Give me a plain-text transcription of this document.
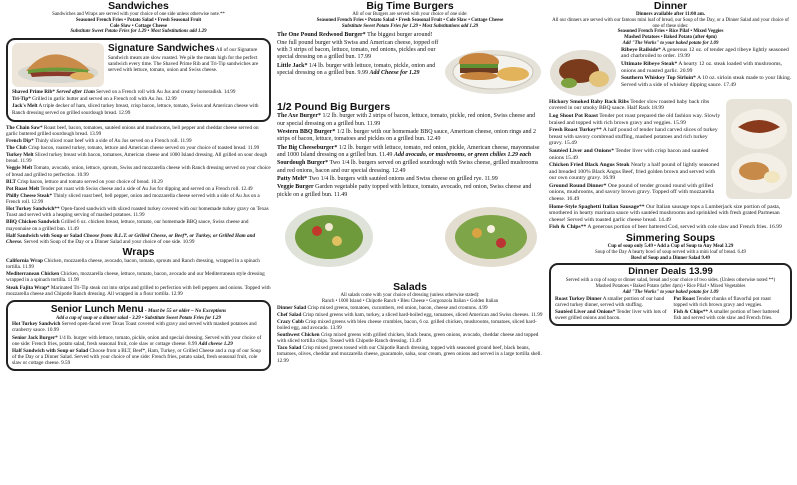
Sandwiches
Sandwiches and Wraps are served with your choice of one side unless otherwise note.**
Seasoned French Fries • Potato Salad • Fresh Seasonal Fruit
Cole Slaw • Cottage Cheese
Substitute Sweet Potato Fries for 1.29 • Most Substitutions add 1.29
Signature Sandwiches All of our Signature Sandwich meats are slow roasted. We pile the meats high for the perfect sandwich every time. The Shaved Prime Rib and Tri-Tip sandwiches are served with lettuce, tomato, onion and Swiss cheese.
Shaved Prime Rib* Served after 11am Served on a French roll with Au Jus and creamy horseradish. 14.99
Tri-Tip* Grilled in garlic butter and served on a French roll with Au Jus. 12.99
Jack's Melt A triple decker of ham, sliced turkey breast, crisp bacon, lettuce, tomato, Swiss and American cheese with Ranch dressing served on grilled sourdough bread. 12.99
The Chain Saw* Roast beef, bacon, tomatoes, sautéed onions and mushrooms, bell pepper and cheddar cheese served on garlic buttered grilled sourdough bread. 13.99
French Dip* Thinly sliced roast beef with a side of Au Jus served on a French roll. 11.99
The Club Crisp bacon, roasted turkey, tomato, lettuce and American cheese served on your choice of toasted bread. 11.99
Turkey Melt Sliced turkey breast with bacon, tomatoes, American cheese and 1000 Island dressing. All grilled on sour dough bread. 11.99
Veggie Melt Tomato, avocado, onion, lettuce, sprouts, Swiss and mozzarella cheese with Ranch dressing served on your choice of bread and grilled to perfection. 10.99
BLT Crisp bacon, lettuce and tomato served on your choice of bread. 10.29
Pot Roast Melt Tender pot roast with Swiss cheese and a side of Au Jus for dipping and served on a French roll. 12.49
Philly Cheese Steak* Thinly sliced roast beef, bell pepper, onion and mozzarella cheese served with a side of Au Jus on a French roll. 12.99
Hot Turkey Sandwich** Open-faced sandwich with sliced roasted turkey covered with our homemade turkey gravy on Texas Toast and served with a heaping serving of mashed potatoes. 11.99
BBQ Chicken Sandwich Grilled 6 oz. chicken breast, lettuce, tomato, our homemade BBQ sauce, Swiss cheese and mayonnaise on a grilled bun. 11.49
Half Sandwich with Soup or Salad Choose from: B.L.T. or Grilled Cheese, or Beef*, or Turkey, or Grilled Ham and Cheese. Served with Soup of the Day or a Dinner Salad and your choice of one side. 10.99
Wraps
California Wrap Chicken, mozzarella cheese, avocado, bacon, tomato, sprouts and Ranch dressing, wrapped in a spinach tortilla. 11.99
Mediterranean Chicken Chicken, mozzarella cheese, lettuce, tomato, bacon, avocado and our Mediterranean style dressing wrapped in a spinach tortilla. 11.99
Steak Fajita Wrap* Marinated Tri-Tip steak cut into strips and grilled to perfection with bell peppers and onions. Topped with mozzarella cheese and Chipotle Ranch dressing. All wrapped in a flour tortilla. 12.99
Senior Lunch Menu - Must be 55 or older – No Exceptions
Add a cup of soup or a dinner salad - 3.29 • Substitute Sweet Potato Fries for 1.29
Hot Turkey Sandwich Served open-faced over Texas Toast covered with gravy and served with mashed potatoes and cranberry sauce. 10.99
Senior Jack Burger* 1/4 lb. burger with lettuce, tomato, pickle, onion and special dressing. Served with your choice of one side: French fries, potato salad, fresh seasonal fruit, cole slaw or cottage cheese. 8.99 Add cheese 1.29
Half Sandwich with Soup or Salad Choose from a BLT, Beef*, Ham, Turkey, or Grilled Cheese and a cup of our Soup of the Day or a Dinner Salad. Served with your choice of one side: French fries, potato salad, fresh seasonal fruit, cole slaw or cottage cheese. 9.59
Big Time Burgers
All of our Burgers are served with your choice of one side:
Seasoned French Fries • Potato Salad • Fresh Seasonal Fruit • Cole Slaw • Cottage Cheese
Substitute Sweet Potato Fries for 1.29 • Most Substitutions add 1.29
The One Pound Redwood Burger* The biggest burger around! One full pound burger with Swiss and American cheese, topped off with 3 strips of bacon, lettuce, tomato, red onions, pickles and our special dressing on a grilled bun. 17.99
Little Jack* 1/4 lb. burger with lettuce, tomato, pickle, onion and special dressing on a grilled bun. 9.99 Add Cheese for 1.29
1/2 Pound Big Burgers
The Axe Burger* 1/2 lb. burger with 2 strips of bacon, lettuce, tomato, pickle, red onion, Swiss cheese and our special dressing on a grilled bun. 11.99
Western BBQ Burger* 1/2 lb. burger with our homemade BBQ sauce, American cheese, onion rings and 2 strips of bacon, lettuce, tomatoes and pickles on a grilled bun. 12.49
The Big Cheeseburger* 1/2 lb. burger with lettuce, tomato, red onion, pickle, American cheese, mayonnaise and 1000 Island dressing on a grilled bun. 11.49 Add avocado, or mushrooms, or green chilies 1.29 each
Sourdough Burger* Two 1/4 lb. burgers served on grilled sourdough with Swiss cheese, grilled mushrooms and red onions, bacon and our special dressing. 12.49
Patty Melt* Two 1/4 lb. burgers with sautéed onions and Swiss cheese on grilled rye. 11.99
Veggie Burger Garden vegetable patty topped with lettuce, tomato, avocado, red onion, Swiss cheese and pickle on a grilled bun. 11.49
Salads
All salads come with your choice of dressing (unless otherwise stated):
Ranch • 1000 Island • Chipotle Ranch • Bleu Cheese • Gorgonzola Italian • Golden Italian
Dinner Salad Crisp mixed greens, tomatoes, cucumbers, red onion, bacon, cheese and croutons. 4.99
Chef Salad Crisp mixed greens with ham, turkey, a sliced hard-boiled egg, tomatoes, sliced American and Swiss cheeses. 11.99
Crazy Cobb Crisp mixed greens with bleu cheese crumbles, bacon, 6 oz. grilled chicken, mushrooms, tomatoes, sliced hard-boiled egg, and avocado. 13.99
Southwest Chicken Crisp mixed greens with grilled chicken, black beans, green onions, avocado, cheddar cheese and topped with sliced tortilla chips. Tossed with Chipotle Ranch dressing. 13.49
Taco Salad Crisp mixed greens tossed with our Chipotle Ranch dressing, topped with seasoned ground beef, black beans, tomatoes, olives, cheddar and mozzarella cheese, guacamole, salsa, sour cream, green onions and served in a large tortilla shell. 12.99
Dinner
Dinners available after 11:00 am.
All our dinners are served with our famous mini loaf of bread, our Soup of the Day, or a Dinner Salad and your choice of one of these sides:
Seasoned French Fries • Rice Pilaf • Mixed Veggies
Mashed Potatoes • Baked Potato (after 4pm)
Add "The Works" to your baked potato for 1.09
Ribeye Railside* A generous 12 oz. of tender aged ribeye lightly seasoned and charbroiled to order. 19.99
Ultimate Ribeye Steak* A hearty 12 oz. steak loaded with mushrooms, onions and roasted garlic. 20.99
Southern Whiskey Top Sirloin* A 10 oz. sirloin steak made to your liking. Served with a side of whiskey dipping sauce. 17.49
Hickory Smoked Baby Back Ribs Tender slow roasted baby back ribs covered in our smoky BBQ sauce. Half Rack 18.99
Log Shoot Pot Roast Tender pot roast prepared the old fashion way. Slowly braised and topped with rich brown gravy and veggies. 15.99
Fresh Roast Turkey** A half pound of tender hand carved slices of turkey breast with savory cornbread stuffing, mashed potatoes and rich turkey gravy. 15.49
Sautéed Liver and Onions* Tender liver with crisp bacon and sautéed onions 15.49
Chicken Fried Black Angus Steak Nearly a half pound of lightly seasoned and breaded 100% Black Angus Beef, fried golden brown and served with our own country gravy. 16.99
Ground Round Dinner* One pound of tender ground round with grilled onions, mushrooms, and savory brown gravy. Topped off with mozzarella cheese. 16.49
Home-Style Spaghetti Italian Sausage** Our Italian sausage tops a Lumberjack size portion of pasta, smothered in hearty marinara sauce with sautéed mushrooms and sprinkled with fresh grated Parmesan cheese! Served with toasted garlic cheese bread. 14.49
Fish & Chips** A generous portion of beer battered Cod, served with cole slaw and French fries. 16.99
Simmering Soups
Cup of soup only 5.49 • Add a Cup of Soup to Any Meal 3.29
Soup of the Day A hearty bowl of soup served with a mini loaf of bread. 6.49
Bowl of Soup and a Dinner Salad 9.49
Dinner Deals 13.99
Served with a cup of soup or dinner salad, bread and your choice of two sides. (Unless otherwise noted **)
Mashed Potatoes • Baked Potato (after 4pm) • Rice Pilaf • Mixed Vegetables
Add "The Works" to your baked potato for 1.09
Roast Turkey Dinner A smaller portion of our hand carved turkey dinner, served with stuffing.
Sautéed Liver and Onions* Tender liver with lots of sweet grilled onions and bacon.
Pot Roast Tender chunks of flavorful pot roast topped with rich brown gravy and veggies.
Fish & Chips** A smaller portion of beer battered fish and served with cole slaw and French fries.
